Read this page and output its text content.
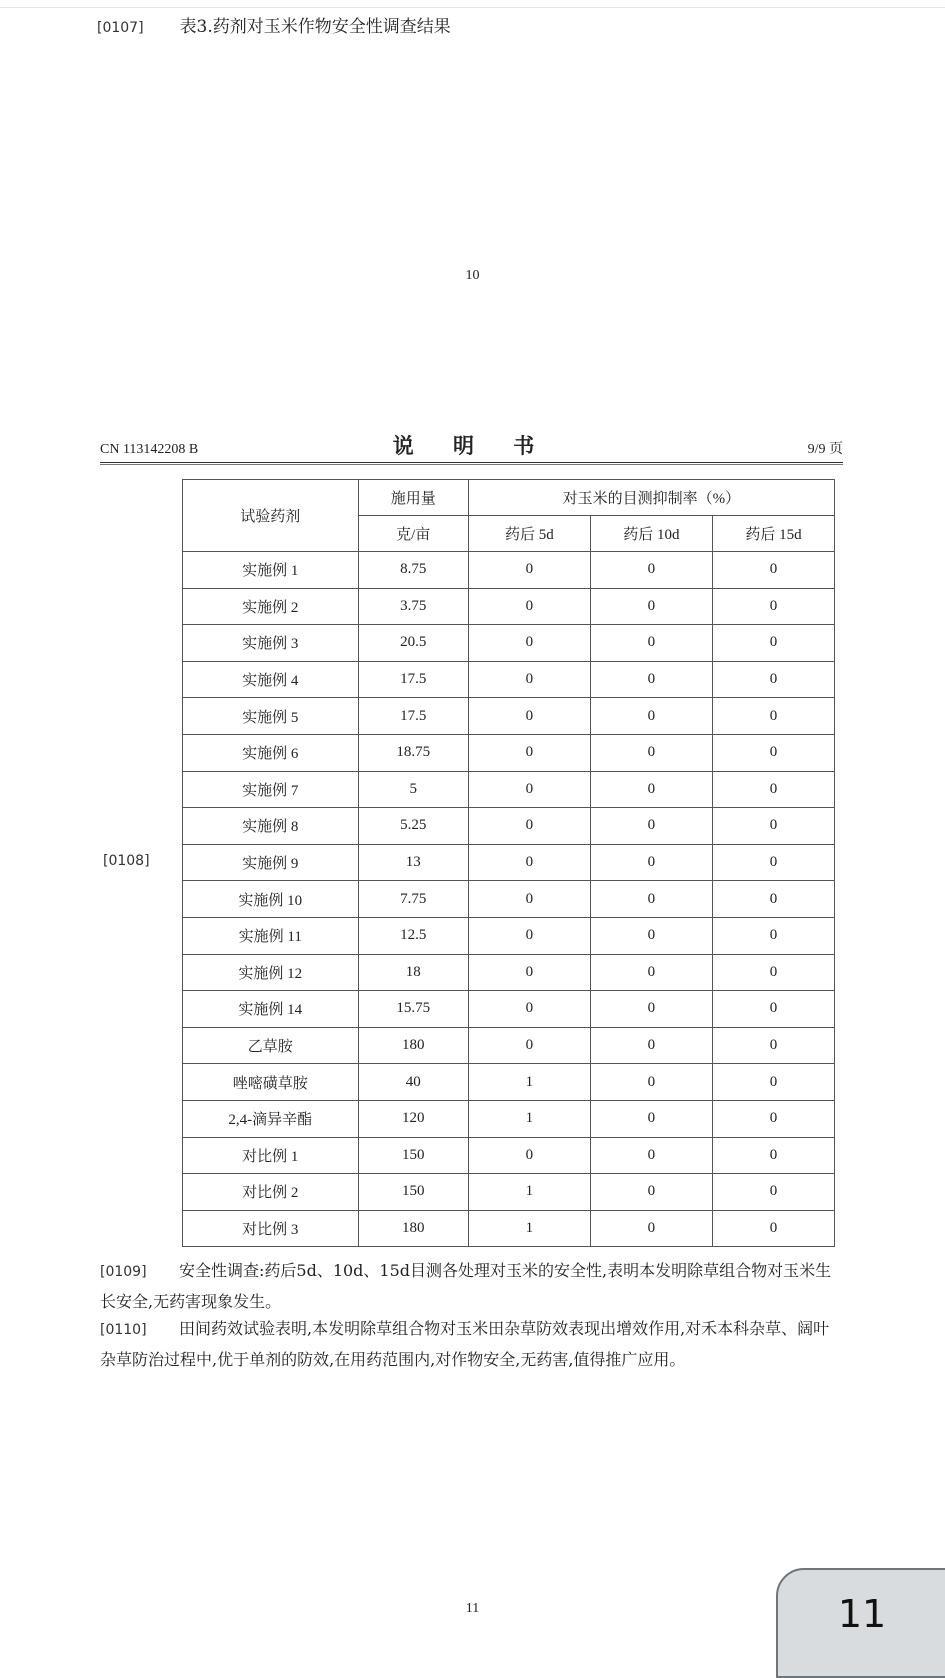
[0107] 表3.药剂对玉米作物安全性调查结果
10
CN 113142208 B	说 明 书	9/9 页
[0108]
试验药剂	施用量	对玉米的目测抑制率（%）		
	克/亩	药后 5d	药后 10d	药后 15d
实施例 1	8.75	0	0	0
实施例 2	3.75	0	0	0
实施例 3	20.5	0	0	0
实施例 4	17.5	0	0	0
实施例 5	17.5	0	0	0
实施例 6	18.75	0	0	0
实施例 7	5	0	0	0
实施例 8	5.25	0	0	0
实施例 9	13	0	0	0
实施例 10	7.75	0	0	0
实施例 11	12.5	0	0	0
实施例 12	18	0	0	0
实施例 14	15.75	0	0	0
乙草胺	180	0	0	0
唑嘧磺草胺	40	1	0	0
2,4-滴异辛酯	120	1	0	0
对比例 1	150	0	0	0
对比例 2	150	1	0	0
对比例 3	180	1	0	0
[0109] 安全性调查:药后5d、10d、15d目测各处理对玉米的安全性,表明本发明除草组合物对玉米生长安全,无药害现象发生。
[0110] 田间药效试验表明,本发明除草组合物对玉米田杂草防效表现出增效作用,对禾本科杂草、阔叶杂草防治过程中,优于单剂的防效,在用药范围内,对作物安全,无药害,值得推广应用。
11	11
